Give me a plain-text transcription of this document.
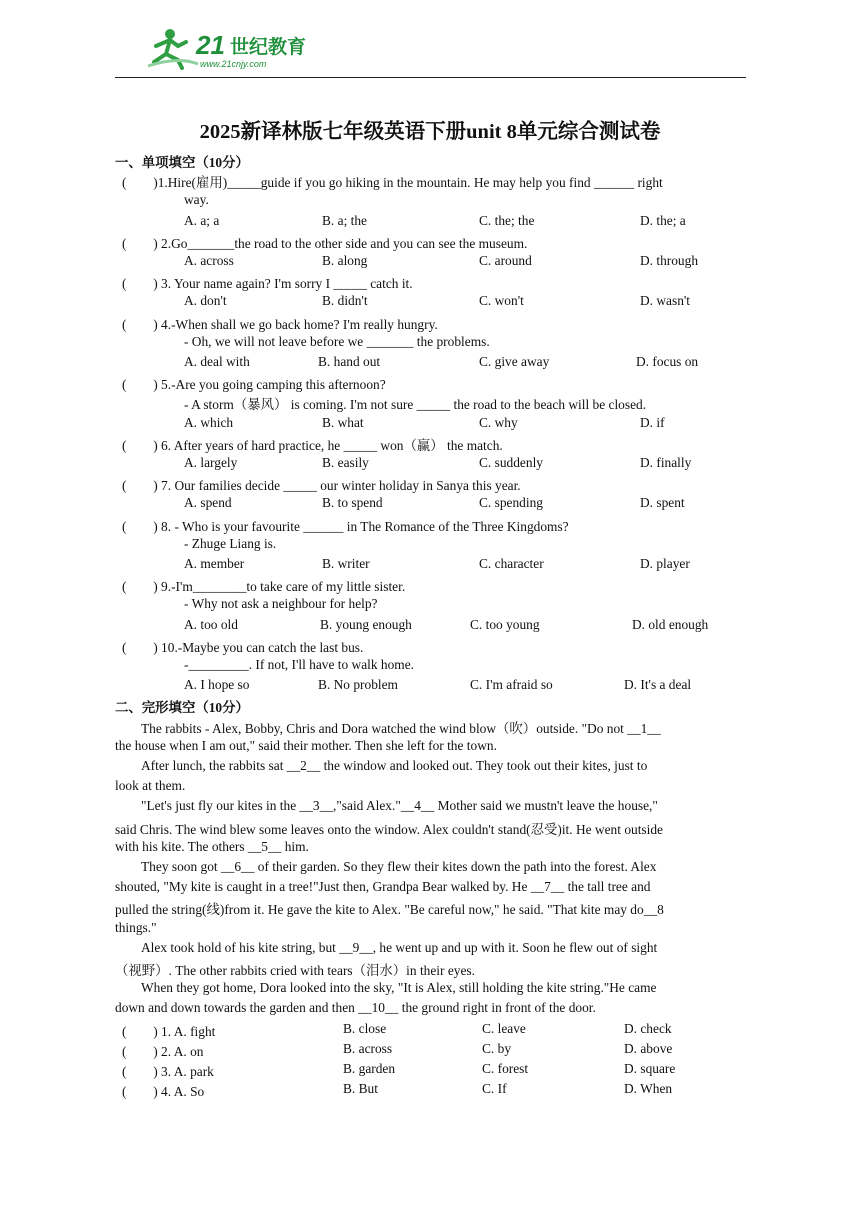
21 世纪教育
www.21cnjy.com
2025新译林版七年级英语下册unit 8单元综合测试卷
一、单项填空（10分）
(　　)1.Hire(雇用)_____guide if you go hiking in the mountain. He may help you find ______ right
way.
A. a; a	B. a; the	C. the; the	D. the; a
(　　) 2.Go_______the road to the other side and you can see the museum.
A. across	B. along	C. around	D. through
(　　) 3. Your name again? I'm sorry I _____ catch it.
A. don't	B. didn't	C. won't	D. wasn't
(　　) 4.-When shall we go back home? I'm really hungry.
- Oh, we will not leave before we _______ the problems.
A. deal with	B. hand out	C. give away	D. focus on
(　　) 5.-Are you going camping this afternoon?
- A storm（暴风） is coming. I'm not sure _____ the road to the beach will be closed.
A. which	B. what	C. why	D. if
(　　) 6. After years of hard practice, he _____ won（赢） the match.
A. largely	B. easily	C. suddenly	D. finally
(　　) 7. Our families decide _____ our winter holiday in Sanya this year.
A. spend	B. to spend	C. spending	D. spent
(　　) 8. - Who is your favourite ______ in The Romance of the Three Kingdoms?
- Zhuge Liang is.
A. member	B. writer	C. character	D. player
(　　) 9.-I'm________to take care of my little sister.
- Why not ask a neighbour for help?
A. too old	B. young enough	C. too young	D. old enough
(　　) 10.-Maybe you can catch the last bus.
-_________. If not, I'll have to walk home.
A. I hope so	B. No problem	C. I'm afraid so	D. It's a deal
二、完形填空（10分）
The rabbits - Alex, Bobby, Chris and Dora watched the wind blow（吹）outside. "Do not __1__
the house when I am out," said their mother. Then she left for the town.
After lunch, the rabbits sat __2__ the window and looked out. They took out their kites, just to
look at them.
"Let's just fly our kites in the __3__,"said Alex."__4__ Mother said we mustn't leave the house,"
said Chris. The wind blew some leaves onto the window. Alex couldn't stand(忍受)it. He went outside
with his kite. The others __5__ him.
They soon got __6__ of their garden. So they flew their kites down the path into the forest. Alex
shouted, "My kite is caught in a tree!"Just then, Grandpa Bear walked by. He __7__ the tall tree and
pulled the string(线)from it. He gave the kite to Alex. "Be careful now," he said. "That kite may do__8
things."
Alex took hold of his kite string, but __9__, he went up and up with it. Soon he flew out of sight
（视野）. The other rabbits cried with tears（泪水）in their eyes.
When they got home, Dora looked into the sky, "It is Alex, still holding the kite string."He came
down and down towards the garden and then __10__ the ground right in front of the door.
(　　) 1. A. fight	B. close	C. leave	D. check
(　　) 2. A. on	B. across	C. by	D. above
(　　) 3. A. park	B. garden	C. forest	D. square
(　　) 4. A. So	B. But	C. If	D. When
